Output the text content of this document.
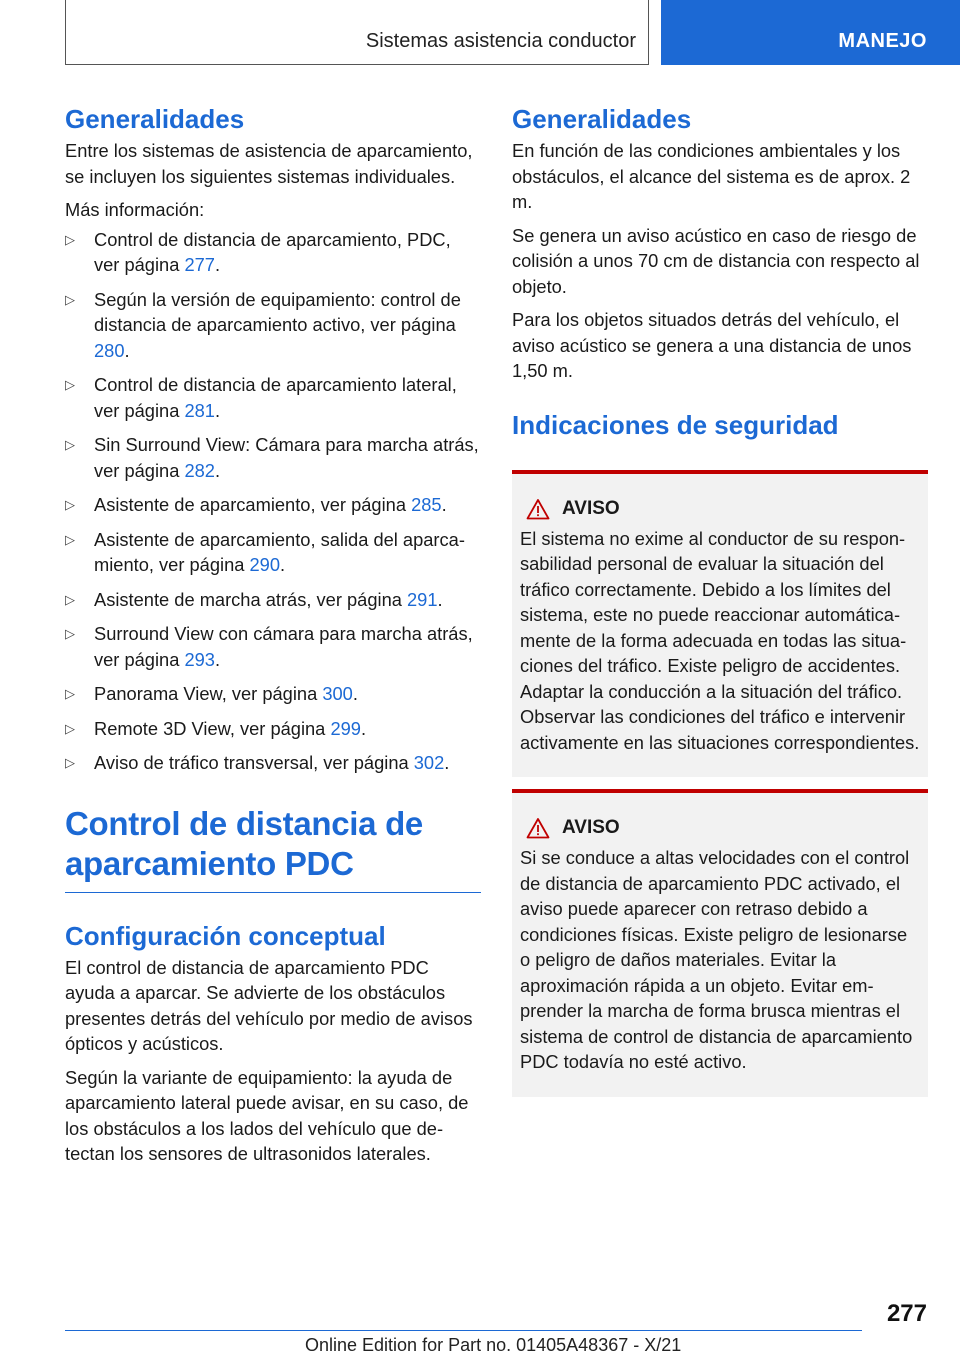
Sistemas asistencia conductor	MANEJO
Generalidades

Entre los sistemas de asistencia de aparcamiento, se incluyen los siguientes sistemas individuales.

Más información:

▷ Control de distancia de aparcamiento, PDC, ver página 277.
▷ Según la versión de equipamiento: control de distancia de aparcamiento activo, ver página 280.
▷ Control de distancia de aparcamiento lateral, ver página 281.
▷ Sin Surround View: Cámara para marcha atrás, ver página 282.
▷ Asistente de aparcamiento, ver página 285.
▷ Asistente de aparcamiento, salida del aparcamiento, ver página 290.
▷ Asistente de marcha atrás, ver página 291.
▷ Surround View con cámara para marcha atrás, ver página 293.
▷ Panorama View, ver página 300.
▷ Remote 3D View, ver página 299.
▷ Aviso de tráfico transversal, ver página 302.
Control de distancia de aparcamiento PDC
Configuración conceptual

El control de distancia de aparcamiento PDC ayuda a aparcar. Se advierte de los obstáculos presentes detrás del vehículo por medio de avisos ópticos y acústicos.

Según la variante de equipamiento: la ayuda de aparcamiento lateral puede avisar, en su caso, de los obstáculos a los lados del vehículo que detectan los sensores de ultrasonidos laterales.

Generalidades

En función de las condiciones ambientales y los obstáculos, el alcance del sistema es de aprox. 2 m.

Se genera un aviso acústico en caso de riesgo de colisión a unos 70 cm de distancia con respecto al objeto.

Para los objetos situados detrás del vehículo, el aviso acústico se genera a una distancia de unos 1,50 m.

Indicaciones de seguridad
AVISO

El sistema no exime al conductor de su responsabilidad personal de evaluar la situación del tráfico correctamente. Debido a los límites del sistema, este no puede reaccionar automáticamente de la forma adecuada en todas las situaciones del tráfico. Existe peligro de accidentes. Adaptar la conducción a la situación del tráfico. Observar las condiciones del tráfico e intervenir activamente en las situaciones correspondientes.

AVISO

Si se conduce a altas velocidades con el control de distancia de aparcamiento PDC activado, el aviso puede aparecer con retraso debido a condiciones físicas. Existe peligro de lesionarse o peligro de daños materiales. Evitar la aproximación rápida a un objeto. Evitar emprender la marcha de forma brusca mientras el sistema de control de distancia de aparcamiento PDC todavía no esté activo.

277
Online Edition for Part no. 01405A48367 - X/21
